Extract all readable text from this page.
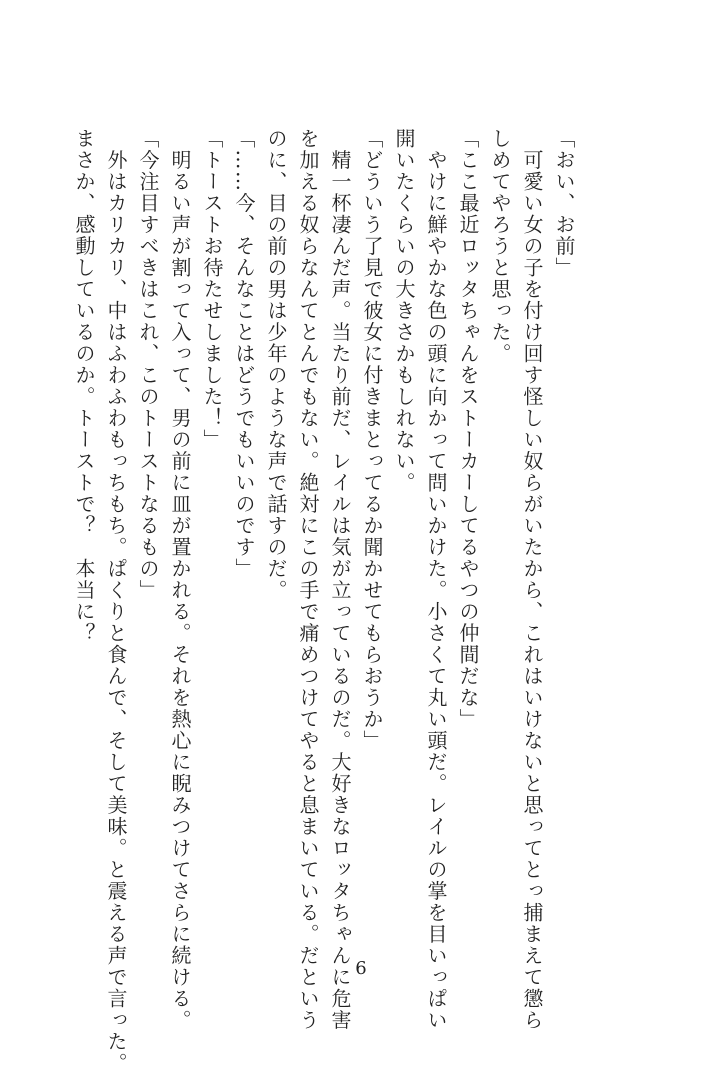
「おい、お前」
　可愛い女の子を付け回す怪しい奴らがいたから、これはいけないと思ってとっ捕まえて懲ら
しめてやろうと思った。
「ここ最近ロッタちゃんをストーカーしてるやつの仲間だな」
　やけに鮮やかな色の頭に向かって問いかけた。小さくて丸い頭だ。レイルの掌を目いっぱい
開いたくらいの大きさかもしれない。
「どういう了見で彼女に付きまとってるか聞かせてもらおうか」
　精一杯凄んだ声。当たり前だ、レイルは気が立っているのだ。大好きなロッタちゃんに危害
を加える奴らなんてとんでもない。絶対にこの手で痛めつけてやると息まいている。だという
のに、目の前の男は少年のような声で話すのだ。
「……今、そんなことはどうでもいいのです」
「トーストお待たせしました！」
　明るい声が割って入って、男の前に皿が置かれる。それを熱心に睨みつけてさらに続ける。
「今注目すべきはこれ、このトーストなるもの」
　外はカリカリ、中はふわふわもっちもち。ぱくりと食んで、そして美味。と震える声で言った。
まさか、感動しているのか。トーストで？　本当に？
6
